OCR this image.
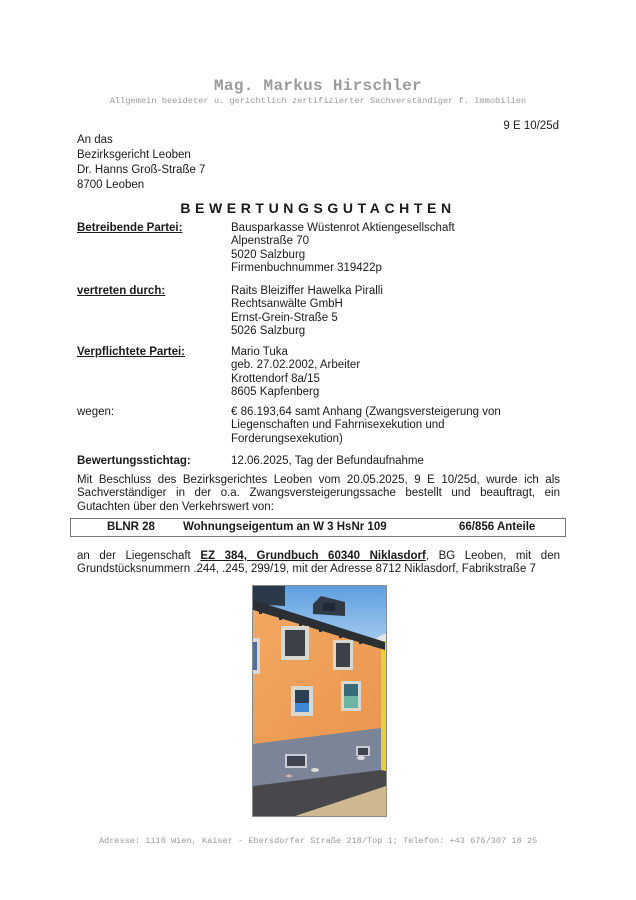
Mag. Markus Hirschler
Allgemein beeideter u. gerichtlich zertifizierter Sachverständiger f. Immobilien
9 E 10/25d
An das
Bezirksgericht Leoben
Dr. Hanns Groß-Straße 7
8700 Leoben
BEWERTUNGSGUTACHTEN
Betreibende Partei:	Bausparkasse Wüstenrot Aktiengesellschaft
Alpenstraße 70
5020 Salzburg
Firmenbuchnummer 319422p
vertreten durch:	Raits Bleiziffer Hawelka Piralli
Rechtsanwälte GmbH
Ernst-Grein-Straße 5
5026 Salzburg
Verpflichtete Partei:	Mario Tuka
geb. 27.02.2002, Arbeiter
Krottendorf 8a/15
8605 Kapfenberg
wegen:	€ 86.193,64 samt Anhang (Zwangsversteigerung von
Liegenschaften und Fahrnisexekution und
Forderungsexekution)
Bewertungsstichtag:	12.06.2025, Tag der Befundaufnahme
Mit Beschluss des Bezirksgerichtes Leoben vom 20.05.2025, 9 E 10/25d, wurde ich als Sachverständiger in der o.a. Zwangsversteigerungssache bestellt und beauftragt, ein Gutachten über den Verkehrswert von:
BLNR 28 Wohnungseigentum an W 3 HsNr 109	66/856 Anteile
an der Liegenschaft EZ 384, Grundbuch 60340 Niklasdorf, BG Leoben, mit den Grundstücksnummern .244, .245, 299/19, mit der Adresse 8712 Niklasdorf, Fabrikstraße 7
Adresse: 1110 Wien, Kaiser - Ebersdorfer Straße 218/Top 1; Telefon: +43 676/307 18 25
